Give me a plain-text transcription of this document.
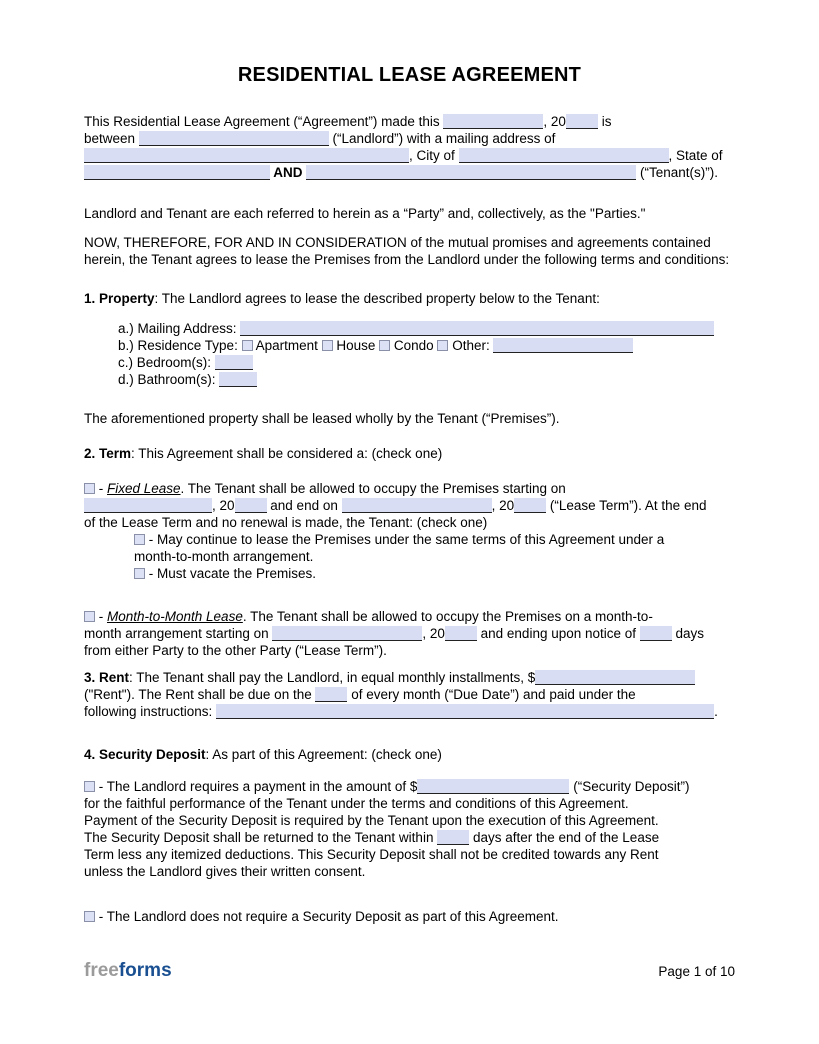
RESIDENTIAL LEASE AGREEMENT
This Residential Lease Agreement (“Agreement”) made this	, 20 is
between	(“Landlord”) with a mailing address of
, City of	, State of
AND	(“Tenant(s)”).
Landlord and Tenant are each referred to herein as a “Party” and, collectively, as the "Parties."
NOW, THEREFORE, FOR AND IN CONSIDERATION of the mutual promises and agreements contained herein, the Tenant agrees to lease the Premises from the Landlord under the following terms and conditions:
1. Property: The Landlord agrees to lease the described property below to the Tenant:
a.) Mailing Address:
b.) Residence Type:  Apartment  House  Condo  Other:
c.) Bedroom(s):
d.) Bathroom(s):
The aforementioned property shall be leased wholly by the Tenant (“Premises”).
2. Term: This Agreement shall be considered a: (check one)
- Fixed Lease. The Tenant shall be allowed to occupy the Premises starting on
, 20 and end on	, 20 (“Lease Term”). At the end
of the Lease Term and no renewal is made, the Tenant: (check one)
- May continue to lease the Premises under the same terms of this Agreement under a
month-to-month arrangement.
- Must vacate the Premises.
- Month-to-Month Lease. The Tenant shall be allowed to occupy the Premises on a month-to-
month arrangement starting on	, 20 and ending upon notice of  days
from either Party to the other Party (“Lease Term”).
3. Rent: The Tenant shall pay the Landlord, in equal monthly installments, $
("Rent"). The Rent shall be due on the  of every month (“Due Date”) and paid under the
following instructions:	.
4. Security Deposit: As part of this Agreement: (check one)
- The Landlord requires a payment in the amount of $	(“Security Deposit”)
for the faithful performance of the Tenant under the terms and conditions of this Agreement.
Payment of the Security Deposit is required by the Tenant upon the execution of this Agreement.
The Security Deposit shall be returned to the Tenant within  days after the end of the Lease
Term less any itemized deductions. This Security Deposit shall not be credited towards any Rent
unless the Landlord gives their written consent.
- The Landlord does not require a Security Deposit as part of this Agreement.
freeforms	Page 1 of 10
